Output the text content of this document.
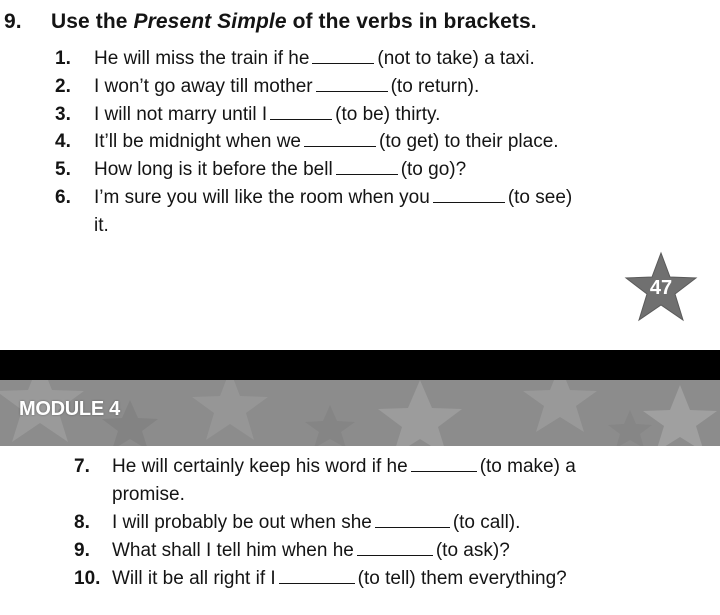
9. Use the Present Simple of the verbs in brackets.
1. He will miss the train if he	(not to take) a taxi.
2. I won’t go away till mother	(to return).
3. I will not marry until I	(to be) thirty.
4. It’ll be midnight when we	(to get) to their place.
5. How long is it before the bell	(to go)?
6. I’m sure you will like the room when you	(to see)
it.
47
MODULE 4
7. He will certainly keep his word if he	(to make) a
promise.
8. I will probably be out when she	(to call).
9. What shall I tell him when he	(to ask)?
10. Will it be all right if I	(to tell) them everything?
